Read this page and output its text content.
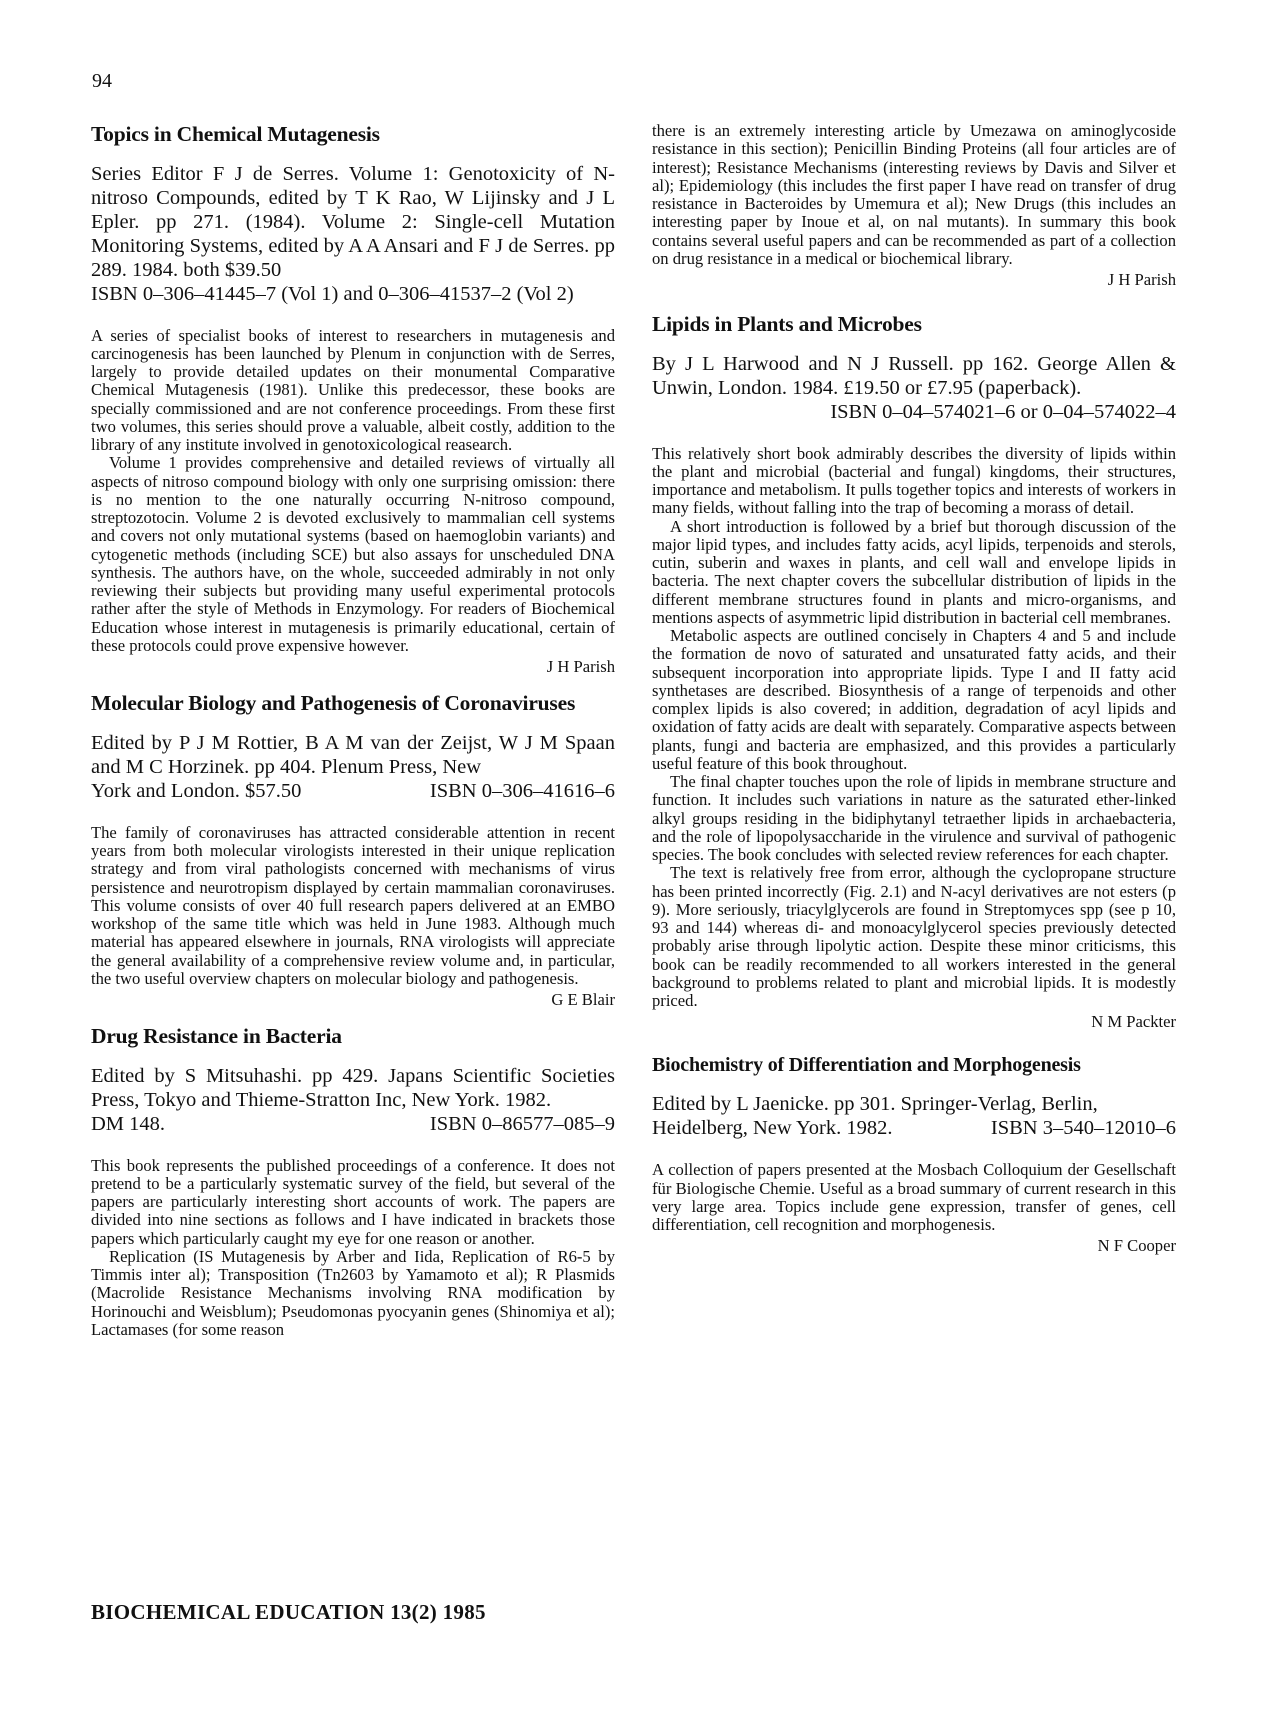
94
Topics in Chemical Mutagenesis

Series Editor F J de Serres. Volume 1: Genotoxicity of N-nitroso Compounds, edited by T K Rao, W Lijinsky and J L Epler. pp 271. (1984). Volume 2: Single-cell Mutation Monitoring Systems, edited by A A Ansari and F J de Serres. pp 289. 1984. both $39.50

ISBN 0–306–41445–7 (Vol 1) and 0–306–41537–2 (Vol 2)

A series of specialist books of interest to researchers in mutagenesis and carcinogenesis has been launched by Plenum in conjunction with de Serres, largely to provide detailed updates on their monumental Comparative Chemical Mutagenesis (1981). Unlike this predecessor, these books are specially commissioned and are not conference proceedings. From these first two volumes, this series should prove a valuable, albeit costly, addition to the library of any institute involved in genotoxicological reasearch.

Volume 1 provides comprehensive and detailed reviews of virtually all aspects of nitroso compound biology with only one surprising omission: there is no mention to the one naturally occurring N-nitroso compound, streptozotocin. Volume 2 is devoted exclusively to mammalian cell systems and covers not only mutational systems (based on haemoglobin variants) and cytogenetic methods (including SCE) but also assays for unscheduled DNA synthesis. The authors have, on the whole, succeeded admirably in not only reviewing their subjects but providing many useful experimental protocols rather after the style of Methods in Enzymology. For readers of Biochemical Education whose interest in mutagenesis is primarily educational, certain of these protocols could prove expensive however.

J H Parish
Molecular Biology and Pathogenesis of Coronaviruses

Edited by P J M Rottier, B A M van der Zeijst, W J M Spaan and M C Horzinek. pp 404. Plenum Press, New

York and London. $57.50	ISBN 0–306–41616–6

The family of coronaviruses has attracted considerable attention in recent years from both molecular virologists interested in their unique replication strategy and from viral pathologists concerned with mechanisms of virus persistence and neurotropism displayed by certain mammalian coronaviruses. This volume consists of over 40 full research papers delivered at an EMBO workshop of the same title which was held in June 1983. Although much material has appeared elsewhere in journals, RNA virologists will appreciate the general availability of a comprehensive review volume and, in particular, the two useful overview chapters on molecular biology and pathogenesis.

G E Blair
Drug Resistance in Bacteria

Edited by S Mitsuhashi. pp 429. Japans Scientific Societies Press, Tokyo and Thieme-Stratton Inc, New York. 1982.

DM 148.	ISBN 0–86577–085–9

This book represents the published proceedings of a conference. It does not pretend to be a particularly systematic survey of the field, but several of the papers are particularly interesting short accounts of work. The papers are divided into nine sections as follows and I have indicated in brackets those papers which particularly caught my eye for one reason or another.

Replication (IS Mutagenesis by Arber and Iida, Replication of R6-5 by Timmis inter al); Transposition (Tn2603 by Yamamoto et al); R Plasmids (Macrolide Resistance Mechanisms involving RNA modification by Horinouchi and Weisblum); Pseudomonas pyocyanin genes (Shinomiya et al); Lactamases (for some reason

there is an extremely interesting article by Umezawa on aminoglycoside resistance in this section); Penicillin Binding Proteins (all four articles are of interest); Resistance Mechanisms (interesting reviews by Davis and Silver et al); Epidemiology (this includes the first paper I have read on transfer of drug resistance in Bacteroides by Umemura et al); New Drugs (this includes an interesting paper by Inoue et al, on nal mutants). In summary this book contains several useful papers and can be recommended as part of a collection on drug resistance in a medical or biochemical library.

J H Parish
Lipids in Plants and Microbes

By J L Harwood and N J Russell. pp 162. George Allen & Unwin, London. 1984. £19.50 or £7.95 (paperback).

ISBN 0–04–574021–6 or 0–04–574022–4

This relatively short book admirably describes the diversity of lipids within the plant and microbial (bacterial and fungal) kingdoms, their structures, importance and metabolism. It pulls together topics and interests of workers in many fields, without falling into the trap of becoming a morass of detail.

A short introduction is followed by a brief but thorough discussion of the major lipid types, and includes fatty acids, acyl lipids, terpenoids and sterols, cutin, suberin and waxes in plants, and cell wall and envelope lipids in bacteria. The next chapter covers the subcellular distribution of lipids in the different membrane structures found in plants and micro-organisms, and mentions aspects of asymmetric lipid distribution in bacterial cell membranes.

Metabolic aspects are outlined concisely in Chapters 4 and 5 and include the formation de novo of saturated and unsaturated fatty acids, and their subsequent incorporation into appropriate lipids. Type I and II fatty acid synthetases are described. Biosynthesis of a range of terpenoids and other complex lipids is also covered; in addition, degradation of acyl lipids and oxidation of fatty acids are dealt with separately. Comparative aspects between plants, fungi and bacteria are emphasized, and this provides a particularly useful feature of this book throughout.

The final chapter touches upon the role of lipids in membrane structure and function. It includes such variations in nature as the saturated ether-linked alkyl groups residing in the bidiphytanyl tetraether lipids in archaebacteria, and the role of lipopolysaccharide in the virulence and survival of pathogenic species. The book concludes with selected review references for each chapter.

The text is relatively free from error, although the cyclopropane structure has been printed incorrectly (Fig. 2.1) and N-acyl derivatives are not esters (p 9). More seriously, triacylglycerols are found in Streptomyces spp (see p 10, 93 and 144) whereas di- and monoacylglycerol species previously detected probably arise through lipolytic action. Despite these minor criticisms, this book can be readily recommended to all workers interested in the general background to problems related to plant and microbial lipids. It is modestly priced.

N M Packter
Biochemistry of Differentiation and Morphogenesis

Edited by L Jaenicke. pp 301. Springer-Verlag, Berlin,

Heidelberg, New York. 1982.	ISBN 3–540–12010–6

A collection of papers presented at the Mosbach Colloquium der Gesellschaft für Biologische Chemie. Useful as a broad summary of current research in this very large area. Topics include gene expression, transfer of genes, cell differentiation, cell recognition and morphogenesis.

N F Cooper
BIOCHEMICAL EDUCATION 13(2) 1985
